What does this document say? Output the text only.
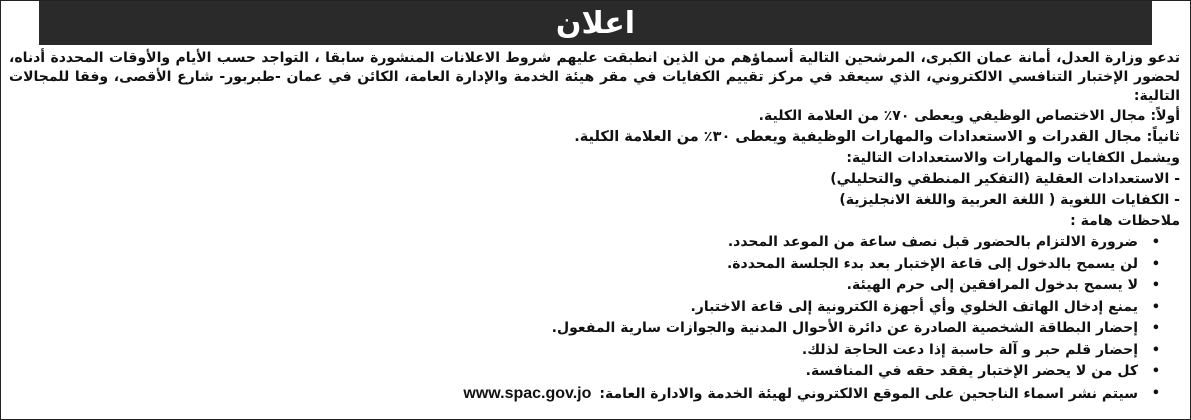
اعلان

تدعو وزارة العدل، أمانة عمان الكبرى، المرشحين التالية أسماؤهم من الذين انطبقت عليهم شروط الاعلانات المنشورة سابقا ، التواجد حسب الأيام والأوقات المحددة أدناه، لحضور الإختبار التنافسي الالكتروني، الذي سيعقد في مركز تقييم الكفايات في مقر هيئة الخدمة والإدارة العامة، الكائن في عمان -طبربور- شارع الأقصى، وفقا للمجالات التالية:

أولاً: مجال الاختصاص الوظيفي ويعطى ٧٠٪ من العلامة الكلية.

ثانياً: مجال القدرات و الاستعدادات والمهارات الوظيفية ويعطى ٣٠٪ من العلامة الكلية.

ويشمل الكفايات والمهارات والاستعدادات التالية:

- الاستعدادات العقلية (التفكير المنطقي والتحليلي)

- الكفايات اللغوية ( اللغة العربية واللغة الانجليزية)

ملاحظات هامة :

•
ضرورة الالتزام بالحضور قبل نصف ساعة من الموعد المحدد.
•
لن يسمح بالدخول إلى قاعة الإختبار بعد بدء الجلسة المحددة.
•
لا يسمح بدخول المرافقين إلى حرم الهيئة.
•
يمنع إدخال الهاتف الخلوي وأي أجهزة الكترونية إلى قاعة الاختبار.
•
إحضار البطاقة الشخصية الصادرة عن دائرة الأحوال المدنية والجوازات سارية المفعول.
•
إحضار قلم حبر و آلة حاسبة إذا دعت الحاجة لذلك.
•
كل من لا يحضر الإختبار يفقد حقه في المنافسة.
•
سيتم نشر اسماء الناجحين على الموقع الالكتروني لهيئة الخدمة والادارة العامة:www.spac.gov.jo
